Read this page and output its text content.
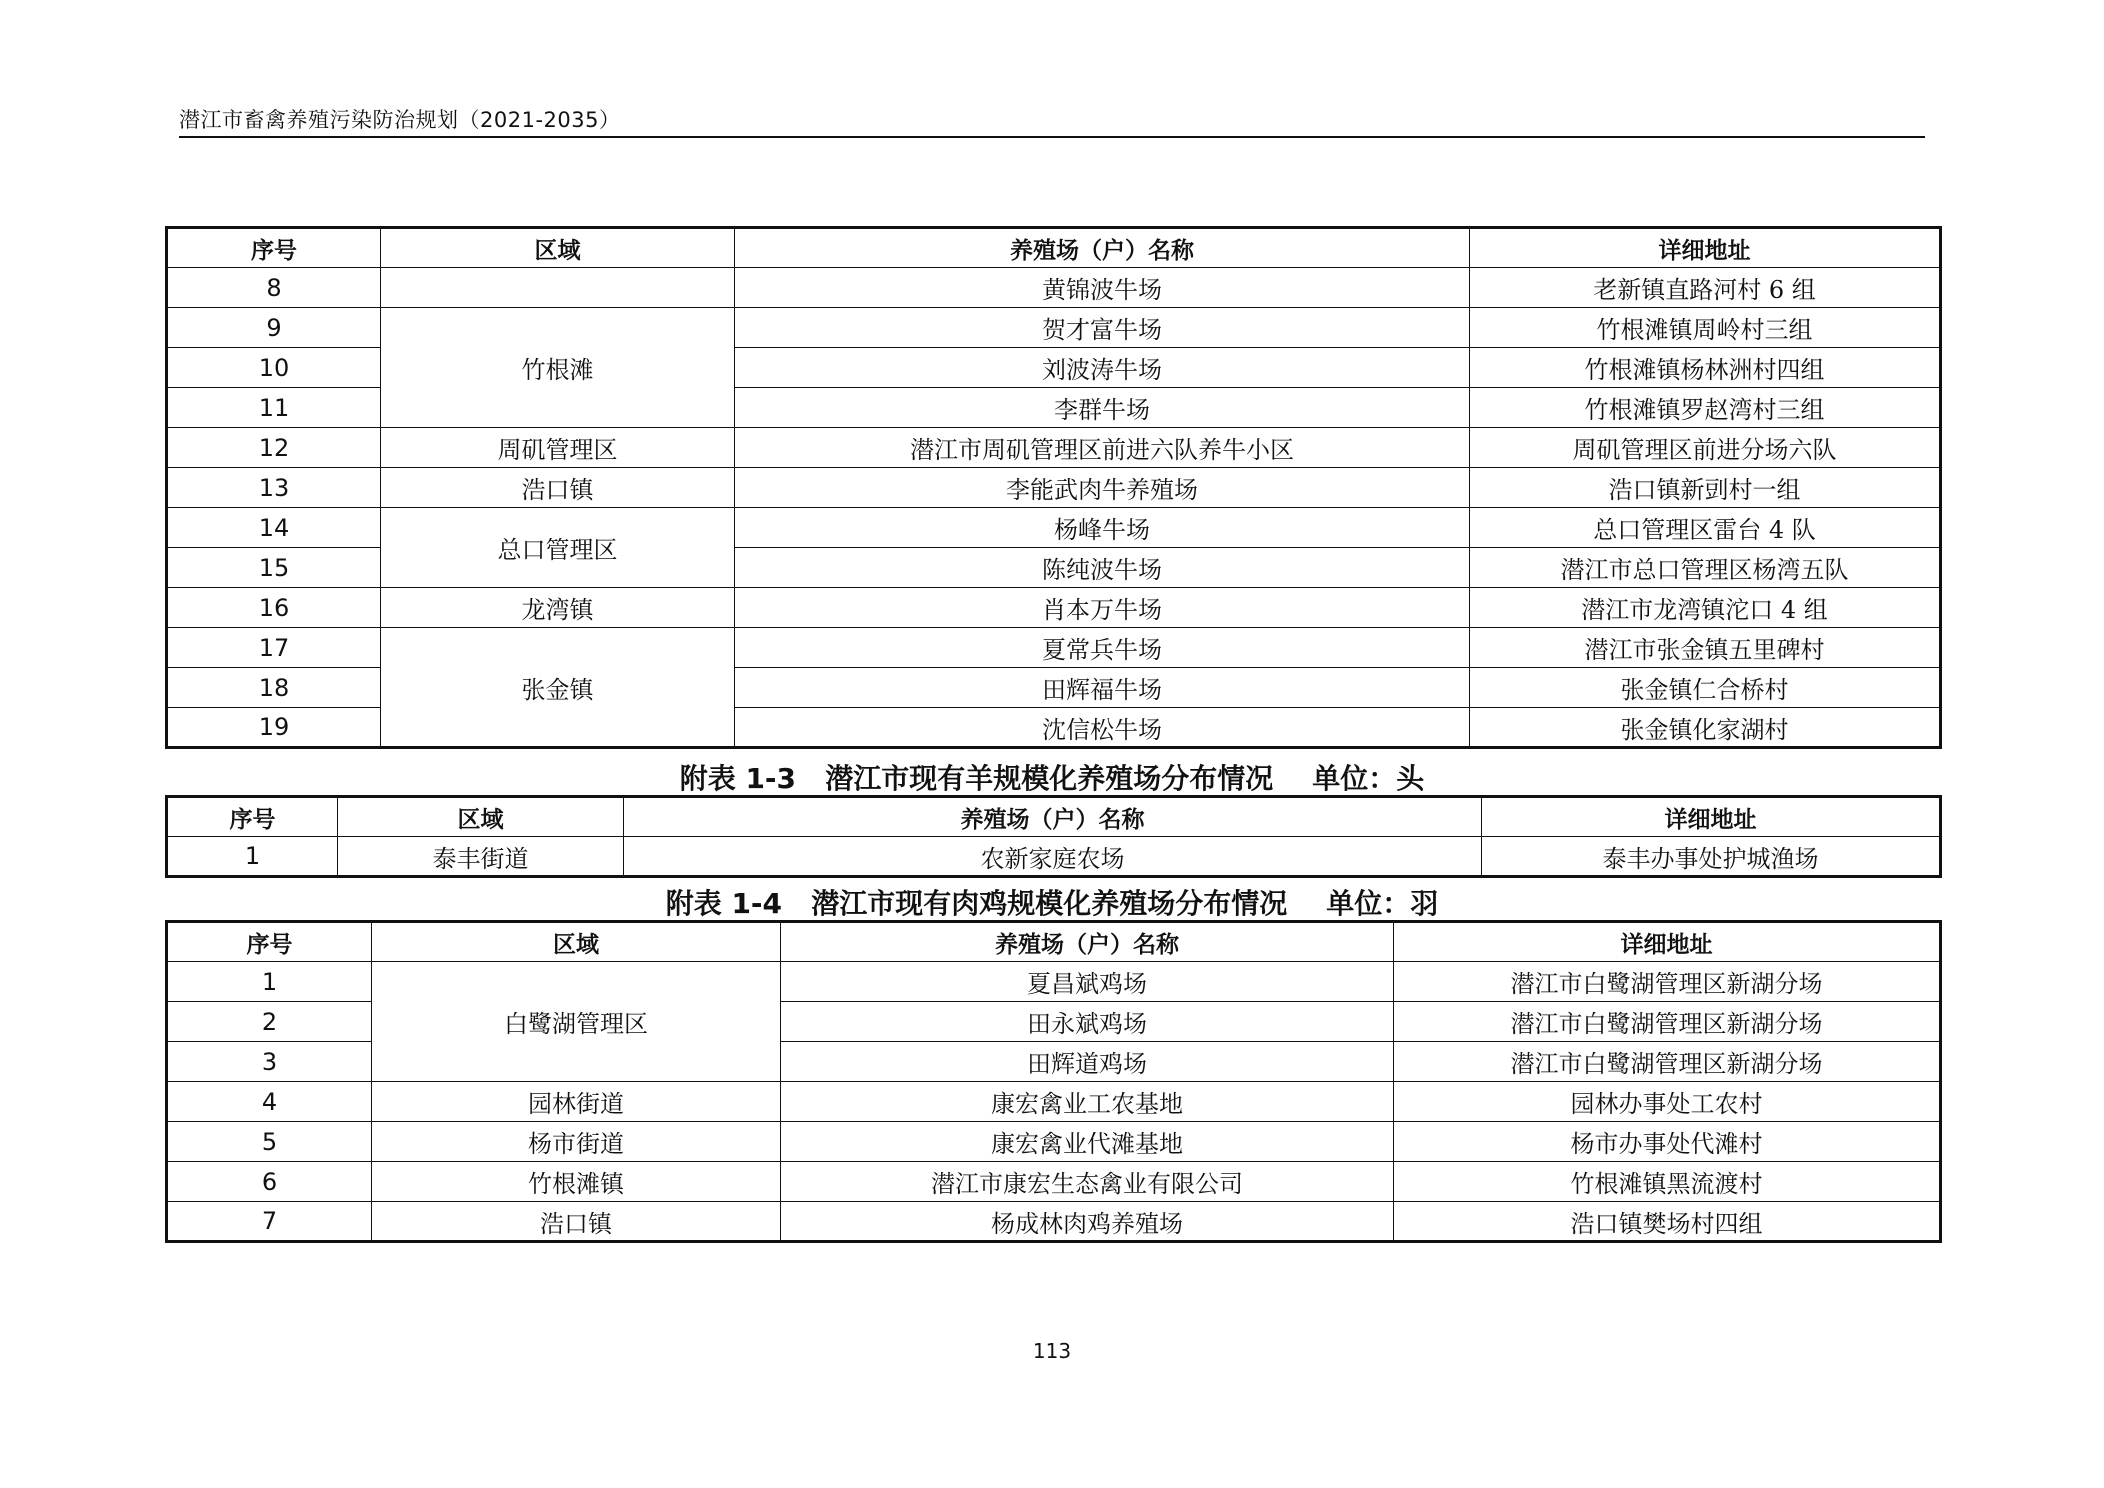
潜江市畜禽养殖污染防治规划（2021-2035）
序号	区域	养殖场（户）名称	详细地址
8		黄锦波牛场	老新镇直路河村 6 组
9	竹根滩	贺才富牛场	竹根滩镇周岭村三组
10		刘波涛牛场	竹根滩镇杨林洲村四组
11		李群牛场	竹根滩镇罗赵湾村三组
12	周矶管理区	潜江市周矶管理区前进六队养牛小区	周矶管理区前进分场六队
13	浩口镇	李能武肉牛养殖场	浩口镇新剅村一组
14	总口管理区	杨峰牛场	总口管理区雷台 4 队
15		陈纯波牛场	潜江市总口管理区杨湾五队
16	龙湾镇	肖本万牛场	潜江市龙湾镇沱口 4 组
17	张金镇	夏常兵牛场	潜江市张金镇五里碑村
18		田辉福牛场	张金镇仁合桥村
19		沈信松牛场	张金镇化家湖村
附表 1-3   潜江市现有羊规模化养殖场分布情况    单位：头
序号	区域	养殖场（户）名称	详细地址
1	泰丰街道	农新家庭农场	泰丰办事处护城渔场
附表 1-4   潜江市现有肉鸡规模化养殖场分布情况    单位：羽
序号	区域	养殖场（户）名称	详细地址
1	白鹭湖管理区	夏昌斌鸡场	潜江市白鹭湖管理区新湖分场
2		田永斌鸡场	潜江市白鹭湖管理区新湖分场
3		田辉道鸡场	潜江市白鹭湖管理区新湖分场
4	园林街道	康宏禽业工农基地	园林办事处工农村
5	杨市街道	康宏禽业代滩基地	杨市办事处代滩村
6	竹根滩镇	潜江市康宏生态禽业有限公司	竹根滩镇黑流渡村
7	浩口镇	杨成林肉鸡养殖场	浩口镇樊场村四组
113
